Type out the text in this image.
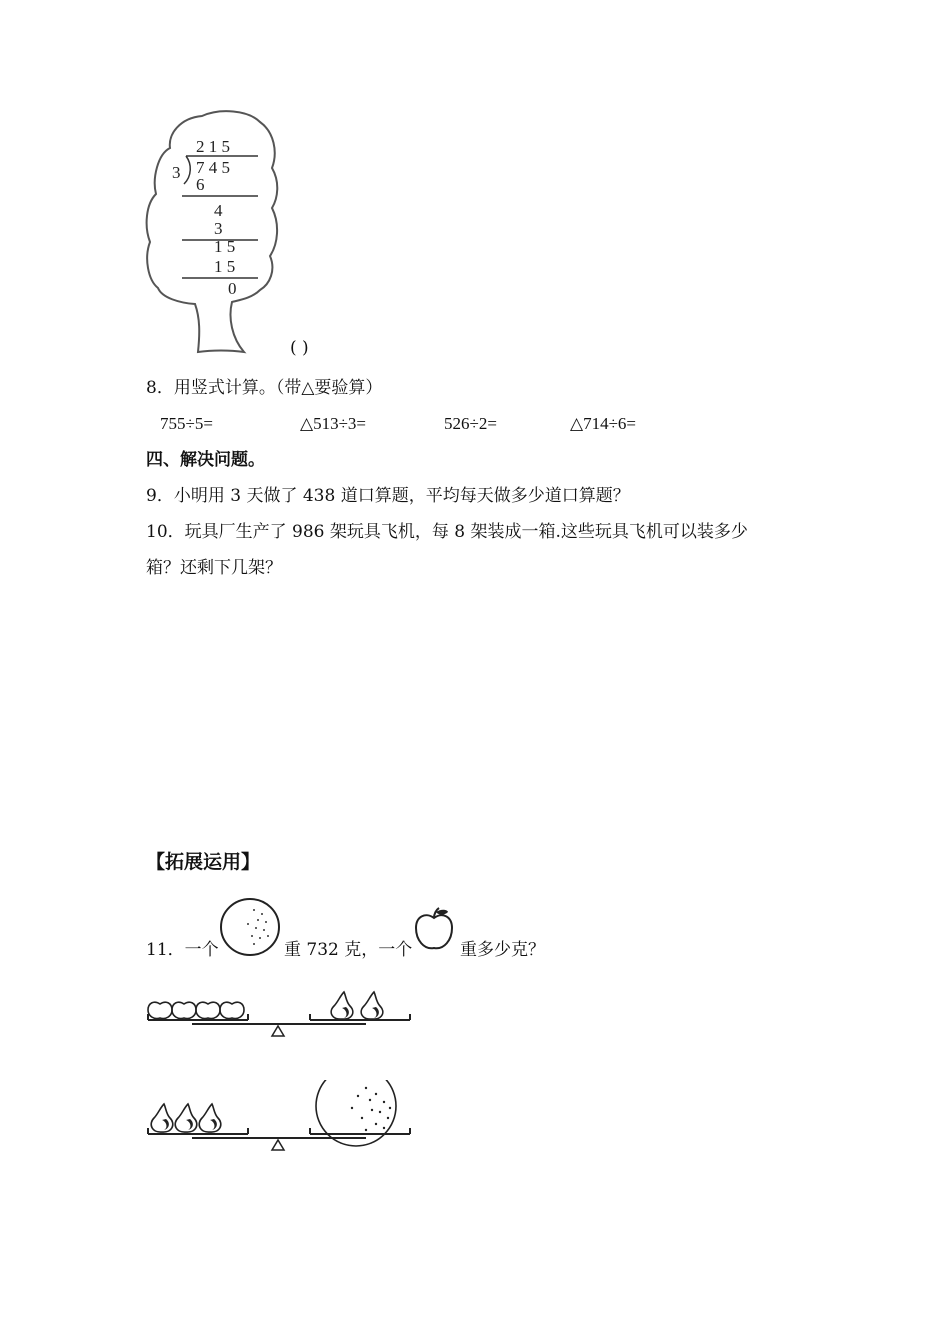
2 1 5
3 7 4 5
6
4
3
1 5
1 5
0
( )
8．用竖式计算。（带△要验算）
755÷5=	△513÷3=	526÷2=	△714÷6=
四、解决问题。
9．小明用 3 天做了 438 道口算题，平均每天做多少道口算题？
10．玩具厂生产了 986 架玩具飞机，每 8 架装成一箱.这些玩具飞机可以装多少
箱？还剩下几架？
【拓展运用】
11．一个	重 732 克，一个	重多少克？
